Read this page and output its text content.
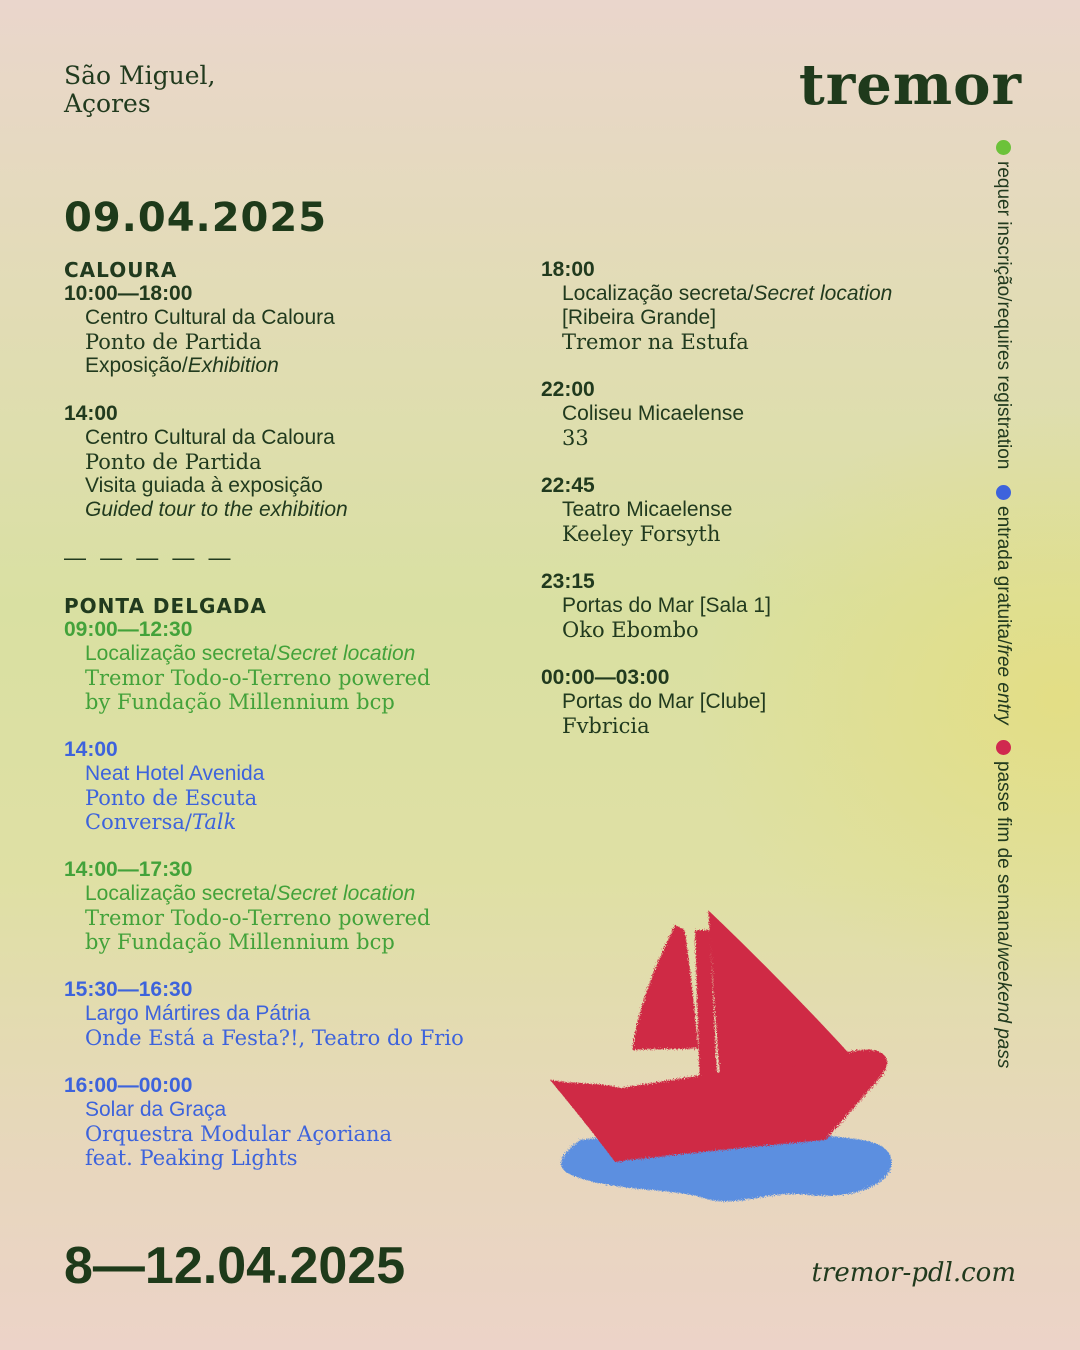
São Miguel,
Açores	tremor
09.04.2025
CALOURA
10:00—18:00
Centro Cultural da Caloura
Ponto de Partida
Exposição/Exhibition
14:00
Centro Cultural da Caloura
Ponto de Partida
Visita guiada à exposição
Guided tour to the exhibition
— — — — —
PONTA DELGADA
09:00—12:30
Localização secreta/Secret location
Tremor Todo-o-Terreno powered
by Fundação Millennium bcp
14:00
Neat Hotel Avenida
Ponto de Escuta
Conversa/Talk
14:00—17:30
Localização secreta/Secret location
Tremor Todo-o-Terreno powered
by Fundação Millennium bcp
15:30—16:30
Largo Mártires da Pátria
Onde Está a Festa?!, Teatro do Frio
16:00—00:00
Solar da Graça
Orquestra Modular Açoriana
feat. Peaking Lights
18:00
Localização secreta/Secret location
[Ribeira Grande]
Tremor na Estufa
22:00
Coliseu Micaelense
33
22:45
Teatro Micaelense
Keeley Forsyth
23:15
Portas do Mar [Sala 1]
Oko Ebombo
00:00—03:00
Portas do Mar [Clube]
Fvbricia
requer inscrição/requires registration

entrada gratuita/free entry

passe fim de semana/weekend pass
8—12.04.2025	tremor-pdl.com
